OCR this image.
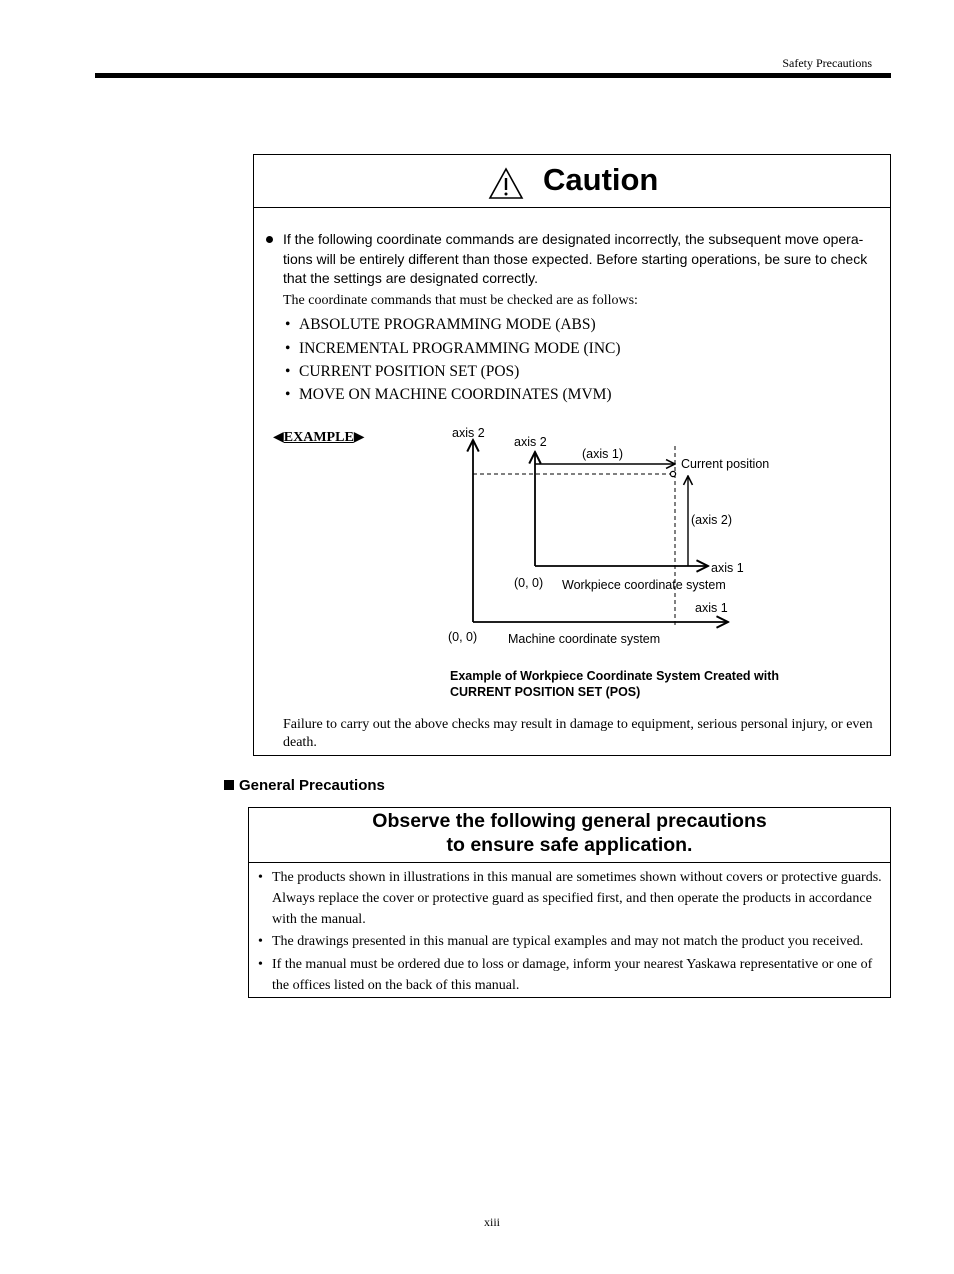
Safety Precautions
Caution
If the following coordinate commands are designated incorrectly, the subsequent move opera-tions will be entirely different than those expected. Before starting operations, be sure to check that the settings are designated correctly.
The coordinate commands that must be checked are as follows:
• ABSOLUTE PROGRAMMING MODE (ABS)
• INCREMENTAL PROGRAMMING MODE (INC)
• CURRENT POSITION SET (POS)
• MOVE ON MACHINE COORDINATES (MVM)
◀EXAMPLE▶	axis 2
axis 2
(axis 1)
Current position
(axis 2)
axis 1
(0, 0) Workpiece coordinate system
axis 1
(0, 0) Machine coordinate system
Example of Workpiece Coordinate System Created with
CURRENT POSITION SET (POS)
Failure to carry out the above checks may result in damage to equipment, serious personal injury, or even death.
General Precautions
Observe the following general precautions
to ensure safe application.
• The products shown in illustrations in this manual are sometimes shown without covers or protective guards. Always replace the cover or protective guard as specified first, and then operate the products in accordance with the manual.
• The drawings presented in this manual are typical examples and may not match the product you received.
• If the manual must be ordered due to loss or damage, inform your nearest Yaskawa representative or one of the offices listed on the back of this manual.
xiii
